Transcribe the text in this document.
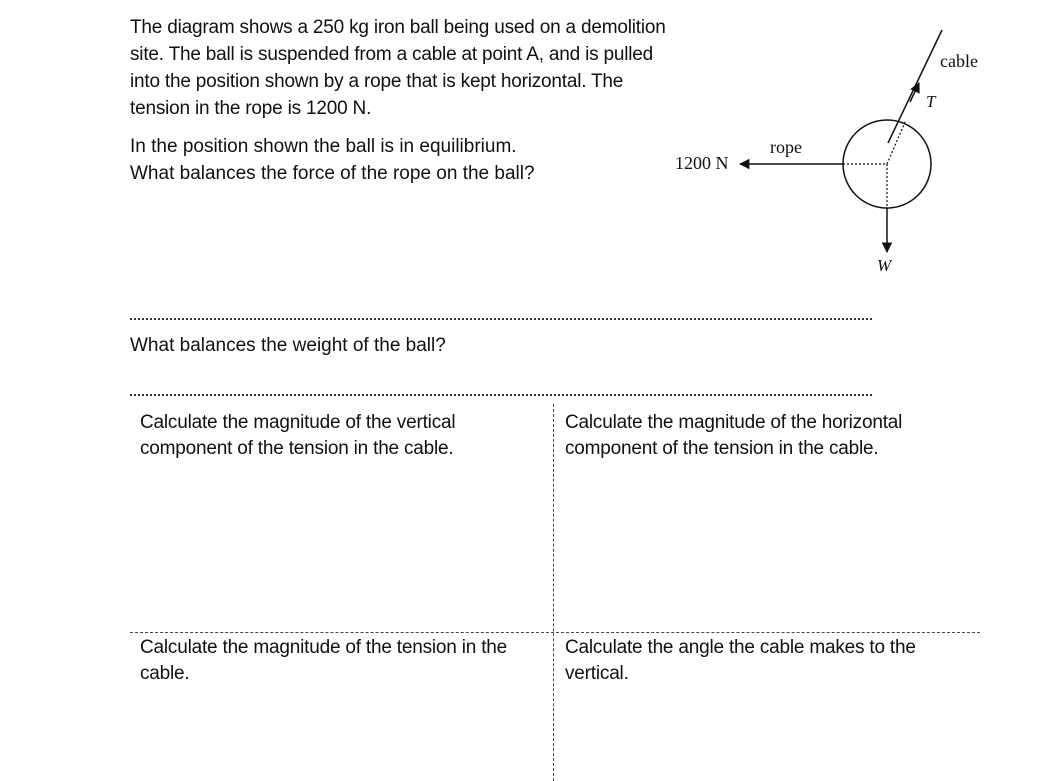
The diagram shows a 250 kg iron ball being used on a demolition site. The ball is suspended from a cable at point A, and is pulled into the position shown by a rope that is kept horizontal. The tension in the rope is 1200 N.

In the position shown the ball is in equilibrium.
What balances the force of the rope on the ball?
cable
T
rope
1200 N
W
What balances the weight of the ball?
Calculate the magnitude of the vertical component of the tension in the cable.
Calculate the magnitude of the horizontal component of the tension in the cable.
Calculate the magnitude of the tension in the cable.
Calculate the angle the cable makes to the vertical.
